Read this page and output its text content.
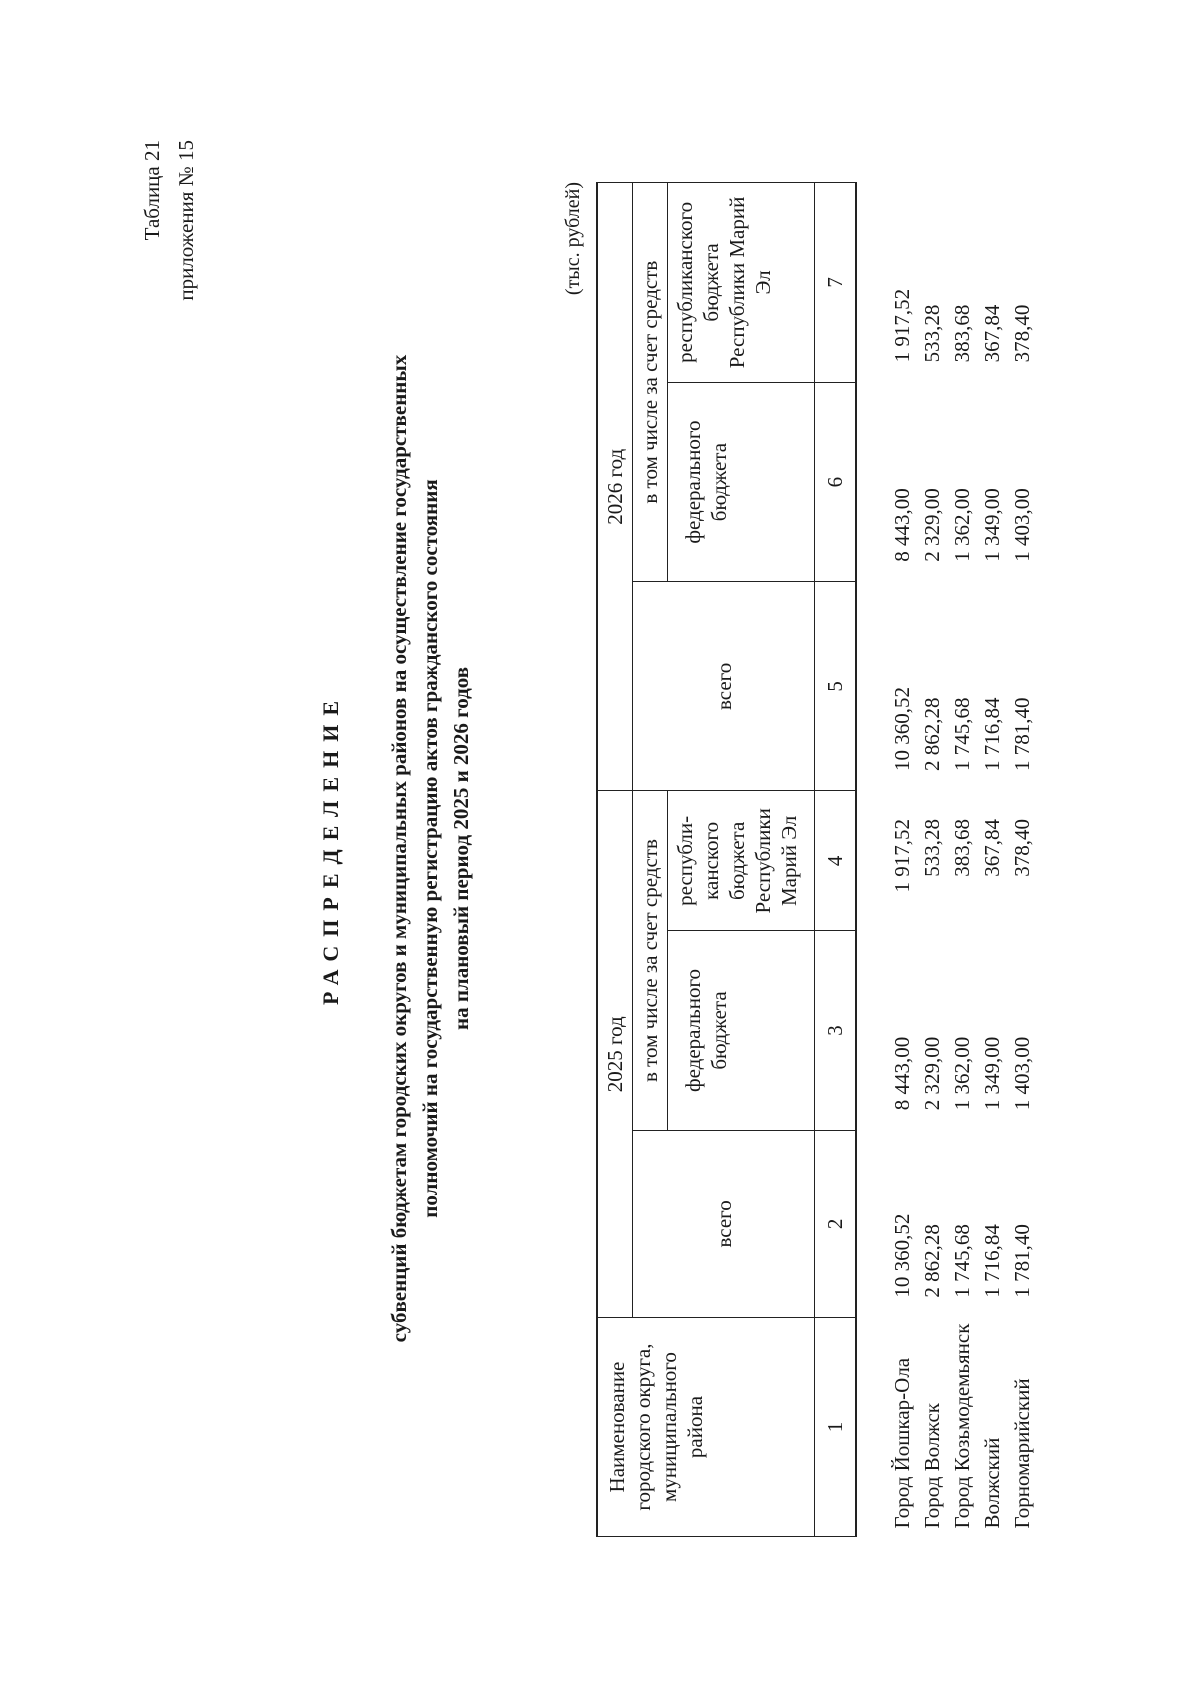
Таблица 21 приложения № 15
РАСПРЕДЕЛЕНИЕ субвенций бюджетам городских округов и муниципальных районов на осуществление государственных полномочий на государственную регистрацию актов гражданского состояния на плановый период 2025 и 2026 годов
(тыс. рублей)
Наименование городского округа, муниципального района	2025 год			2026 год		
	всего	в том числе за счет средств		всего	в том числе за счет средств	
		федерального бюджета	республи-канского бюджета Республики Марий Эл		федерального бюджета	республиканского бюджета Республики Марий Эл
1	2	3	4	5	6	7

Город Йошкар-Ола	10 360,52	8 443,00	1 917,52	10 360,52	8 443,00	1 917,52
Город Волжск	2 862,28	2 329,00	533,28	2 862,28	2 329,00	533,28
Город Козьмодемьянск	1 745,68	1 362,00	383,68	1 745,68	1 362,00	383,68
Волжский	1 716,84	1 349,00	367,84	1 716,84	1 349,00	367,84
Горномарийский	1 781,40	1 403,00	378,40	1 781,40	1 403,00	378,40
